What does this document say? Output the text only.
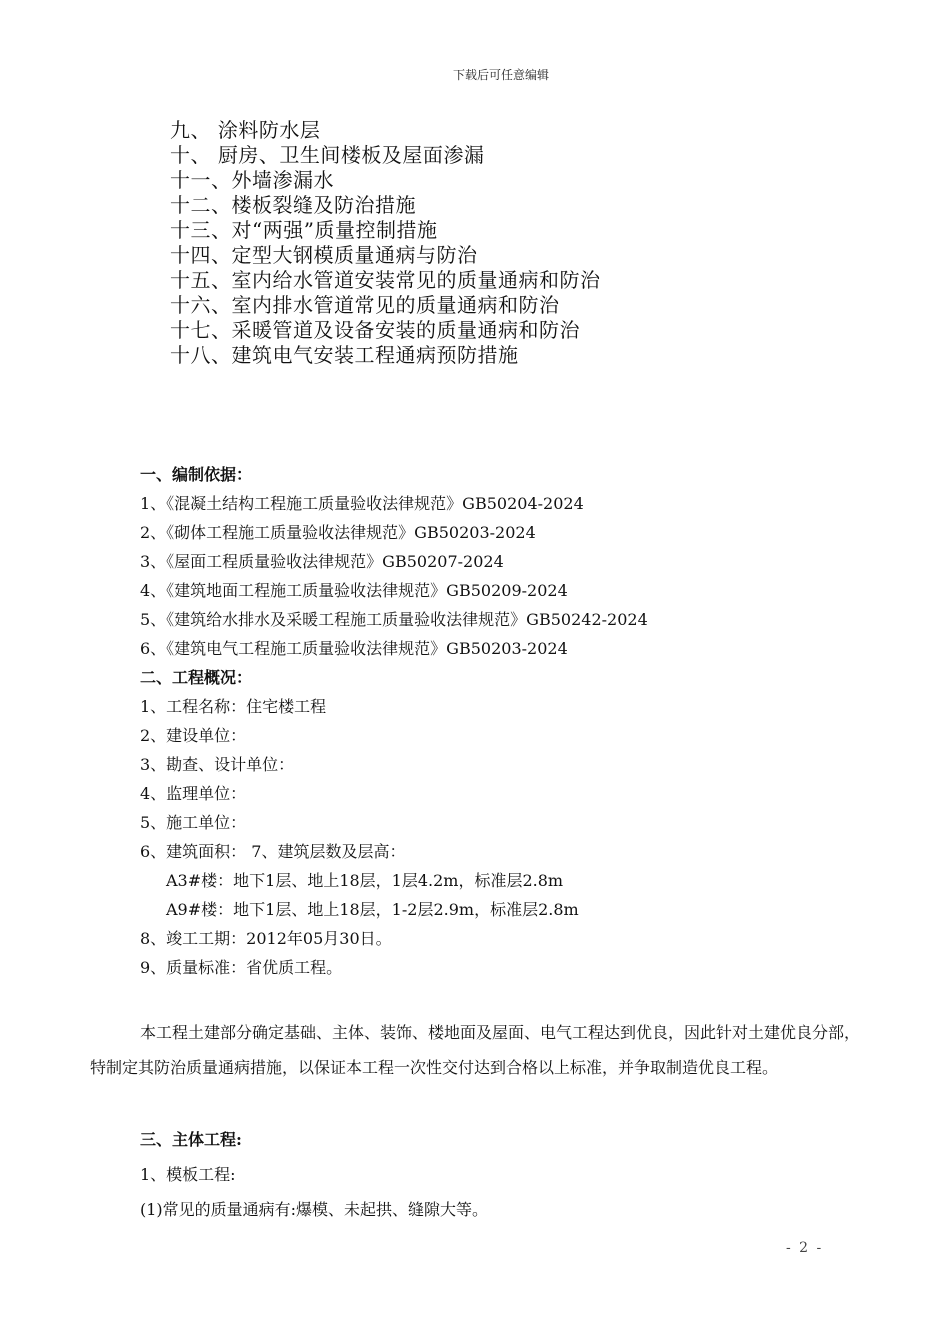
下载后可任意编辑
九、 涂料防水层
十、 厨房、卫生间楼板及屋面渗漏
十一、外墙渗漏水
十二、楼板裂缝及防治措施
十三、对“两强”质量控制措施
十四、定型大钢模质量通病与防治
十五、室内给水管道安装常见的质量通病和防治
十六、室内排水管道常见的质量通病和防治
十七、采暖管道及设备安装的质量通病和防治
十八、建筑电气安装工程通病预防措施
一、编制依据：
1、《混凝土结构工程施工质量验收法律规范》GB50204-2024
2、《砌体工程施工质量验收法律规范》GB50203-2024
3、《屋面工程质量验收法律规范》GB50207-2024
4、《建筑地面工程施工质量验收法律规范》GB50209-2024
5、《建筑给水排水及采暖工程施工质量验收法律规范》GB50242-2024
6、《建筑电气工程施工质量验收法律规范》GB50203-2024
二、工程概况：
1、工程名称：住宅楼工程
2、建设单位：
3、勘查、设计单位：
4、监理单位：
5、施工单位：
6、建筑面积： 7、建筑层数及层高：
A3#楼：地下1层、地上18层，1层4.2m，标准层2.8m
A9#楼：地下1层、地上18层，1-2层2.9m，标准层2.8m
8、竣工工期：2012年05月30日。
9、质量标准：省优质工程。
本工程土建部分确定基础、主体、装饰、楼地面及屋面、电气工程达到优良，因此针对土建优良分部，特制定其防治质量通病措施，以保证本工程一次性交付达到合格以上标准，并争取制造优良工程。
三、主体工程:
1、模板工程:
(1)常见的质量通病有:爆模、未起拱、缝隙大等。
- 2 -
